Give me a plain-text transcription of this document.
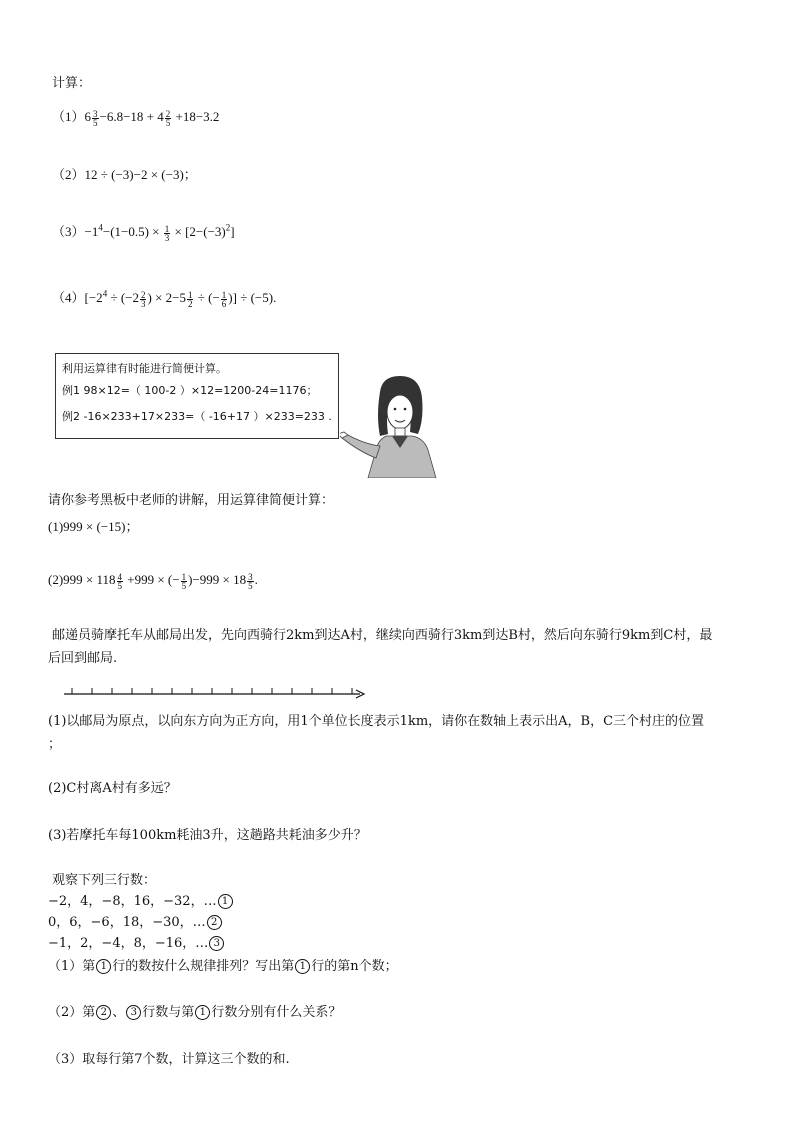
计算：
$(1)6 \frac{3}{5} -6.8-18 + 4 \frac{2}{5} +18-3.2$
（2）12 ÷ (−3)−2 × (−3)；
$(3)-1^4-(1-0.5) \times \frac{1}{3} \times [2-(-3)^2]$
$(4)[-2^4 \div (-2 \frac{2}{3}$ ) × $2-5 \frac{1}{2}$ ÷ (− $\frac{1}{6}$ )] ÷ (−5).
利用运算律有时能进行简便计算。
例1 98×12=（ 100-2 ）×12=1200-24=1176；
例2 -16×233+17×233=（ -16+17 ）×233=233 .
请你参考黑板中老师的讲解，用运算律简便计算：
(1)999 × (−15)；
$(2)999 \times 118 \frac{4}{5} +999$ × (− $\frac{1}{5} )-999 \times 18 \frac{3}{5}$ .
邮递员骑摩托车从邮局出发，先向西骑行2km到达A村，继续向西骑行3km到达B村，然后向东骑行9km到C村，最
后回到邮局.
(1)以邮局为原点，以向东方向为正方向，用1个单位长度表示1km，请你在数轴上表示出A，B，C三个村庄的位置
；
(2)C村离A村有多远？
(3)若摩托车每100km耗油3升，这趟路共耗油多少升？
观察下列三行数：
−2，4，−8，16，−32，… 1
0，6，−6，18，−30，… 2
−1，2，−4，8，−16，… 3
（1）第 1 行的数按什么规律排列？写出第 1 行的第n个数；
（2）第 2 、 3 行数与第 1 行数分别有什么关系？
（3）取每行第7个数，计算这三个数的和.
